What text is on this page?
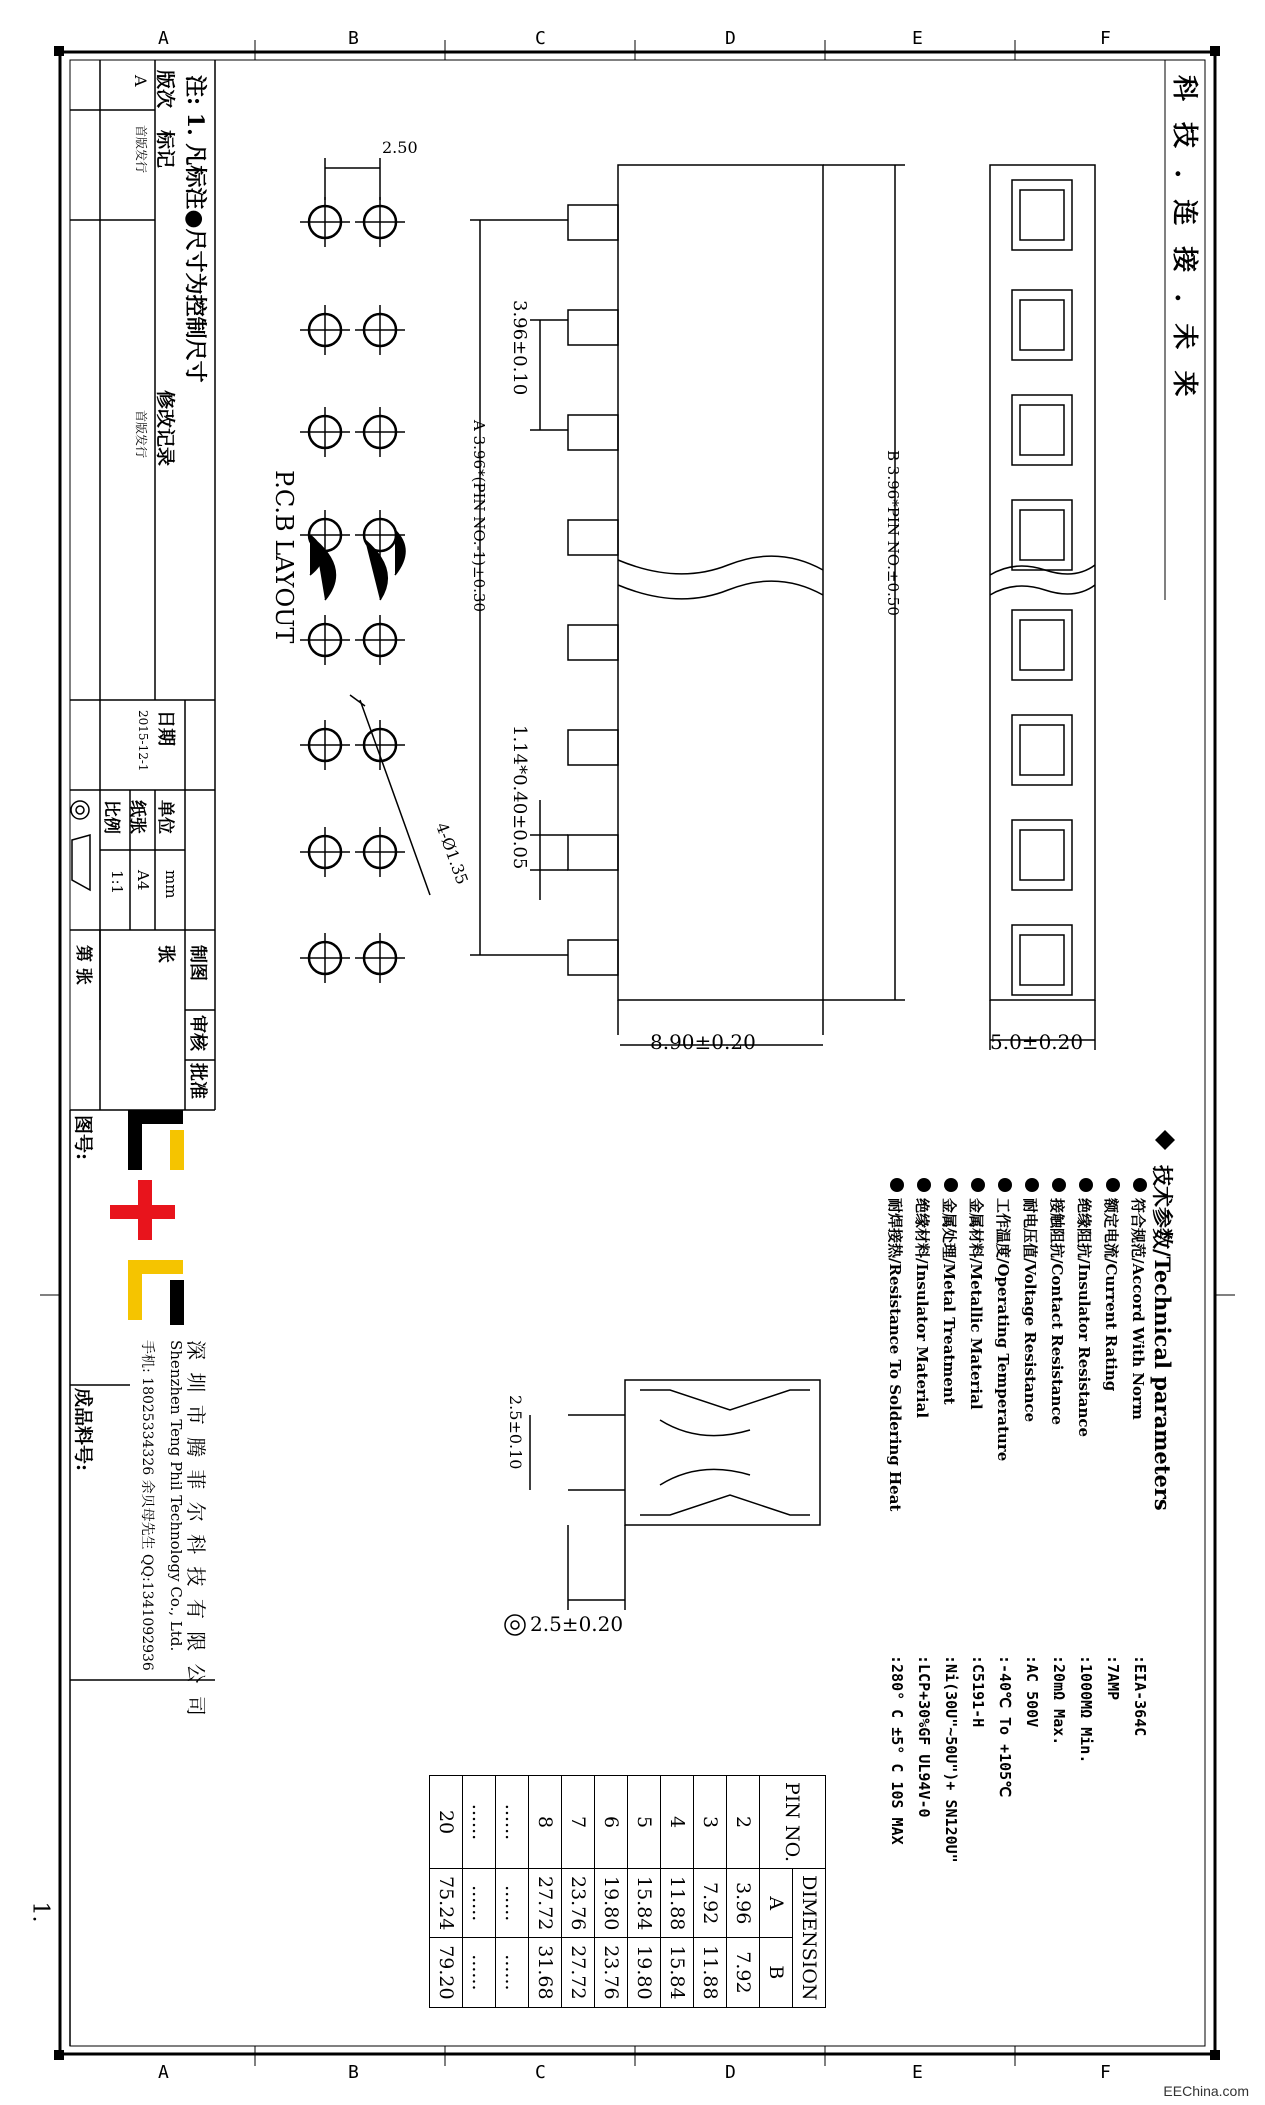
A	B	C	D	E	F
A	B	C	D	E	F
1.
科 技 . 连 接 . 未 来
注: 1. 凡标注●尺寸为控制尺寸
版次
标记
修改记录
A
首版发行
首版发行
日期
2015-12-1
单位
mm
纸张
A4
比例
1:1
张
第 张	制图
审核
批准
图号:
成品料号:	深 圳 市 腾 菲 尔 科 技 有 限 公 司
Shenzhen Teng Phil Technology Co., Ltd.
手机: 18025334326 余贝母先生 QQ:1341092936
2.50
P.C.B LAYOUT
4-Ø1.35
3.96±0.10
A 3.96*(PIN NO.-1)±0.30	B 3.96*PIN NO.±0.50
1.14*0.40±0.05
8.90±0.20	5.0±0.20
2.5±0.10
2.5±0.20
技术参数/Technical parameters
符合规范/Accord With Norm
:EIA-364C
额定电流/Current Rating
:7AMP
绝缘阻抗/Insulator Resistance
:1000MΩ Min.
接触阻抗/Contact Resistance
:20mΩ Max.
耐电压值/Voltage Resistance
:AC 500V
工作温度/Operating Temperature
:-40℃ To +105℃
金属材料/Metallic Material
:C5191-H
金属处理/Metal Treatment
:Ni(30U"~50U")+ SN120U"
绝缘材料/Insulator Material
:LCP+30%GF UL94V-0
耐焊接热/Resistance To Soldering Heat
:280° C ±5° C 10S MAX
PIN NO.	DIMENSION	
	A	B
2	3.96	7.92
3	7.92	11.88
4	11.88	15.84
5	15.84	19.80
6	19.80	23.76
7	23.76	27.72
8	27.72	31.68
......	......	......
......	......	......
20	75.24	79.20
EEChina.com
